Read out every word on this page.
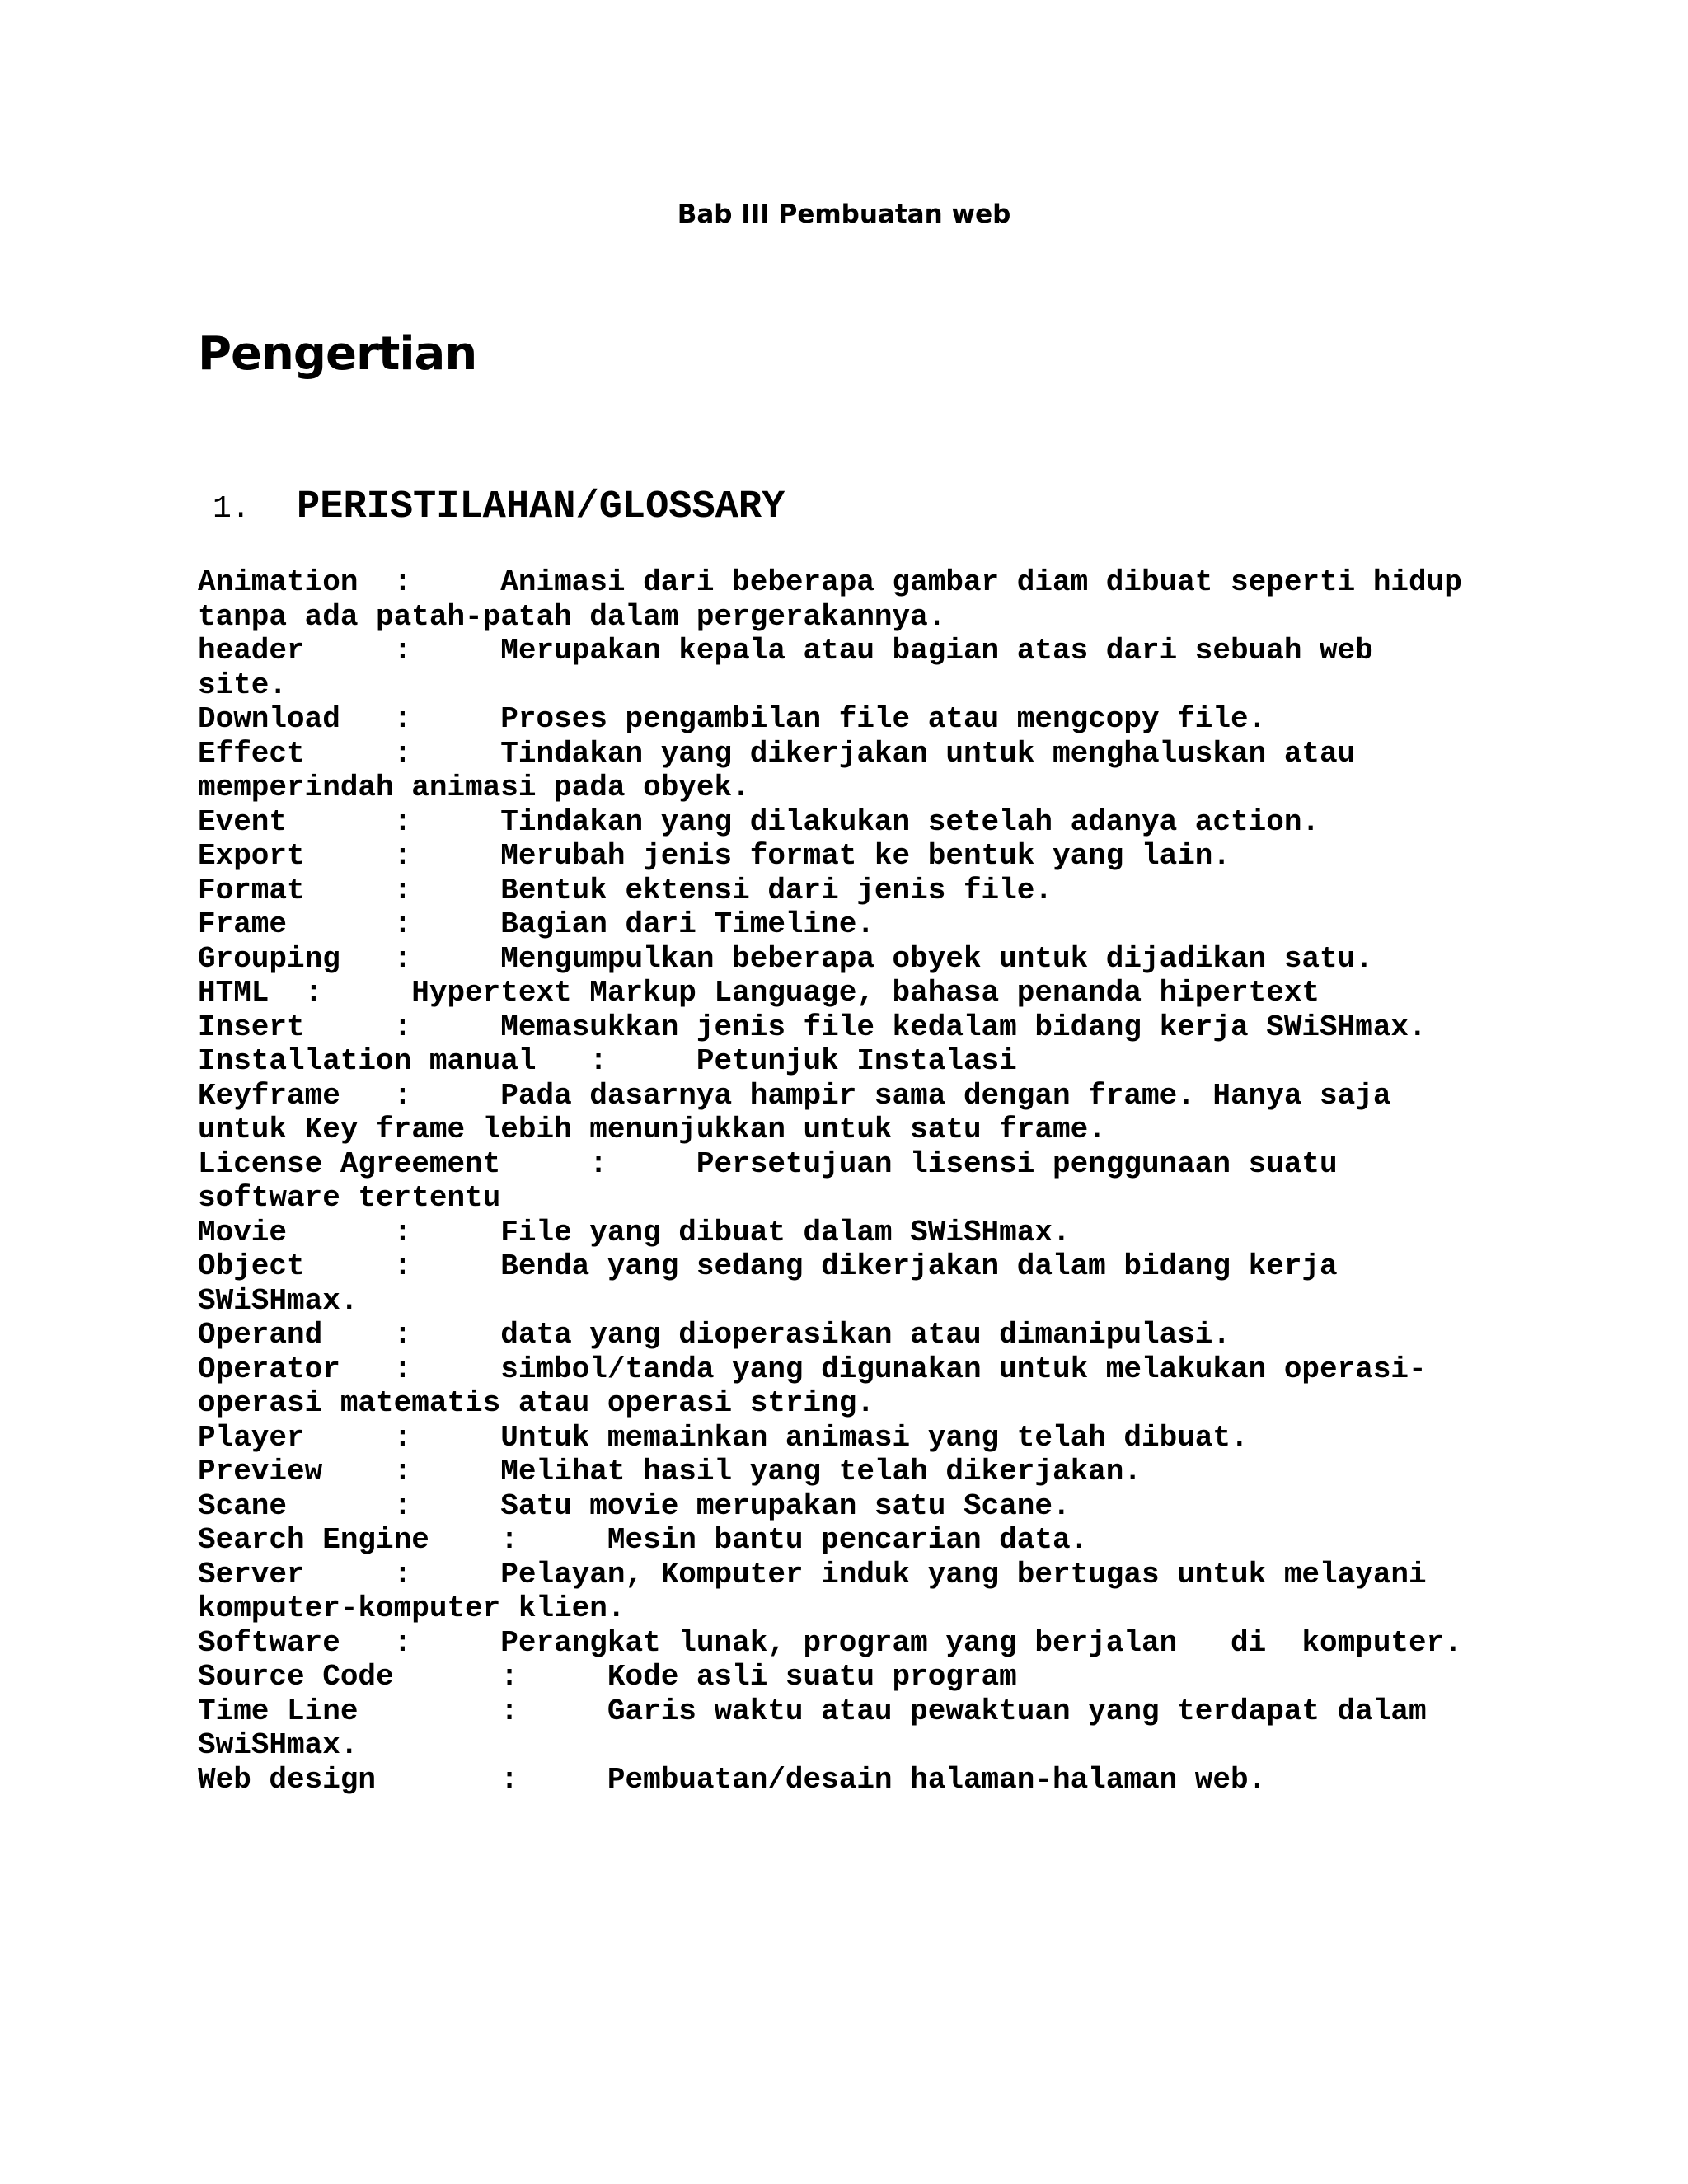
Bab III Pembuatan web
Pengertian
1. PERISTILAHAN/GLOSSARY
Animation  :     Animasi dari beberapa gambar diam dibuat seperti hidup
tanpa ada patah-patah dalam pergerakannya.
header     :     Merupakan kepala atau bagian atas dari sebuah web
site.
Download   :     Proses pengambilan file atau mengcopy file.
Effect     :     Tindakan yang dikerjakan untuk menghaluskan atau
memperindah animasi pada obyek.
Event      :     Tindakan yang dilakukan setelah adanya action.
Export     :     Merubah jenis format ke bentuk yang lain.
Format     :     Bentuk ektensi dari jenis file.
Frame      :     Bagian dari Timeline.
Grouping   :     Mengumpulkan beberapa obyek untuk dijadikan satu.
HTML  :     Hypertext Markup Language, bahasa penanda hipertext
Insert     :     Memasukkan jenis file kedalam bidang kerja SWiSHmax.
Installation manual   :     Petunjuk Instalasi
Keyframe   :     Pada dasarnya hampir sama dengan frame. Hanya saja
untuk Key frame lebih menunjukkan untuk satu frame.
License Agreement     :     Persetujuan lisensi penggunaan suatu
software tertentu
Movie      :     File yang dibuat dalam SWiSHmax.
Object     :     Benda yang sedang dikerjakan dalam bidang kerja
SWiSHmax.
Operand    :     data yang dioperasikan atau dimanipulasi.
Operator   :     simbol/tanda yang digunakan untuk melakukan operasi-
operasi matematis atau operasi string.
Player     :     Untuk memainkan animasi yang telah dibuat.
Preview    :     Melihat hasil yang telah dikerjakan.
Scane      :     Satu movie merupakan satu Scane.
Search Engine    :     Mesin bantu pencarian data.
Server     :     Pelayan, Komputer induk yang bertugas untuk melayani
komputer-komputer klien.
Software   :     Perangkat lunak, program yang berjalan   di  komputer.
Source Code      :     Kode asli suatu program
Time Line        :     Garis waktu atau pewaktuan yang terdapat dalam
SwiSHmax.
Web design       :     Pembuatan/desain halaman-halaman web.
